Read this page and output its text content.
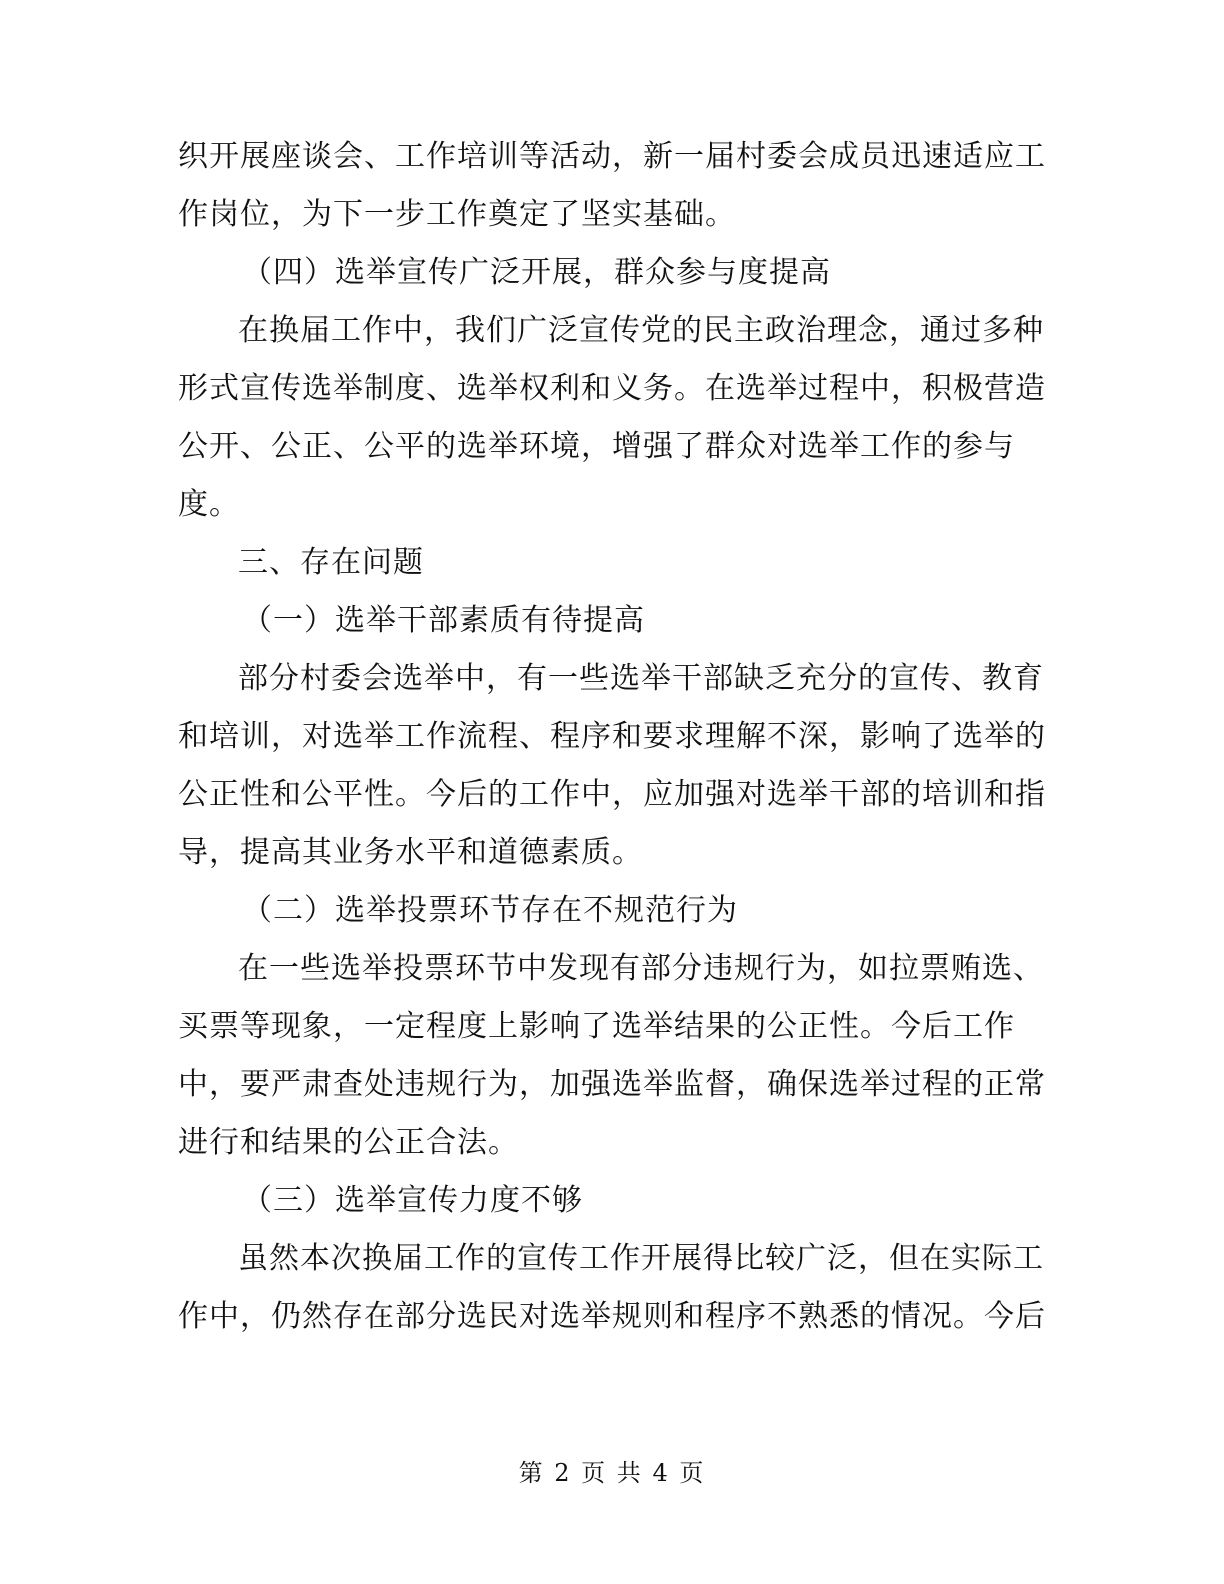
织开展座谈会、工作培训等活动，新一届村委会成员迅速适应工
作岗位，为下一步工作奠定了坚实基础。
（四）选举宣传广泛开展，群众参与度提高
在换届工作中，我们广泛宣传党的民主政治理念，通过多种
形式宣传选举制度、选举权利和义务。在选举过程中，积极营造
公开、公正、公平的选举环境，增强了群众对选举工作的参与
度。
三、存在问题
（一）选举干部素质有待提高
部分村委会选举中，有一些选举干部缺乏充分的宣传、教育
和培训，对选举工作流程、程序和要求理解不深，影响了选举的
公正性和公平性。今后的工作中，应加强对选举干部的培训和指
导，提高其业务水平和道德素质。
（二）选举投票环节存在不规范行为
在一些选举投票环节中发现有部分违规行为，如拉票贿选、
买票等现象，一定程度上影响了选举结果的公正性。今后工作
中，要严肃查处违规行为，加强选举监督，确保选举过程的正常
进行和结果的公正合法。
（三）选举宣传力度不够
虽然本次换届工作的宣传工作开展得比较广泛，但在实际工
作中，仍然存在部分选民对选举规则和程序不熟悉的情况。今后
第 2 页 共 4 页
